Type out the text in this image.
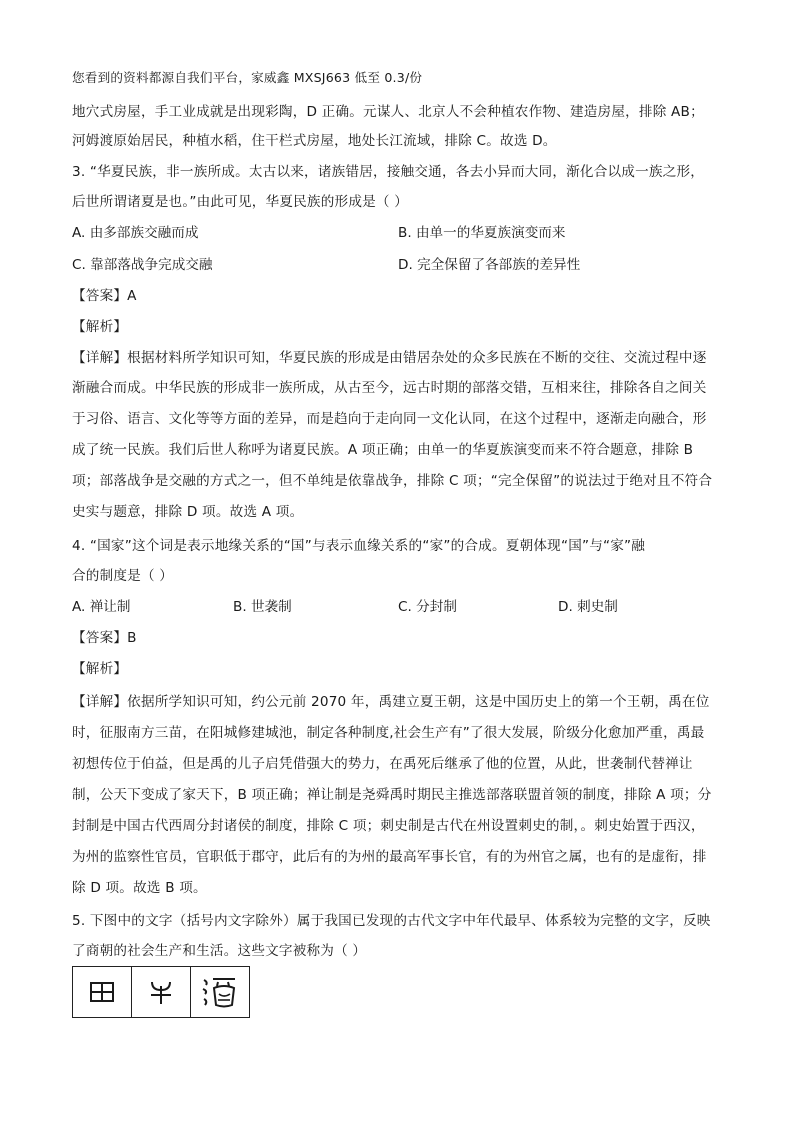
您看到的资料都源自我们平台，家威鑫 MXSJ663 低至 0.3/份
地穴式房屋，手工业成就是出现彩陶，D 正确。元谋人、北京人不会种植农作物、建造房屋，排除 AB；
河姆渡原始居民，种植水稻，住干栏式房屋，地处长江流域，排除 C。故选 D。
3. “华夏民族，非一族所成。太古以来，诸族错居，接触交通，各去小异而大同，渐化合以成一族之形，
后世所谓诸夏是也。”由此可见，华夏民族的形成是（ ）
A. 由多部族交融而成	B. 由单一的华夏族演变而来
C. 靠部落战争完成交融	D. 完全保留了各部族的差异性
【答案】A
【解析】
【详解】根据材料所学知识可知，华夏民族的形成是由错居杂处的众多民族在不断的交往、交流过程中逐
渐融合而成。中华民族的形成非一族所成，从古至今，远古时期的部落交错，互相来往，排除各自之间关
于习俗、语言、文化等等方面的差异，而是趋向于走向同一文化认同，在这个过程中，逐渐走向融合，形
成了统一民族。我们后世人称呼为诸夏民族。A 项正确；由单一的华夏族演变而来不符合题意，排除 B
项；部落战争是交融的方式之一，但不单纯是依靠战争，排除 C 项；“完全保留”的说法过于绝对且不符合
史实与题意，排除 D 项。故选 A 项。
4. “国家”这个词是表示地缘关系的“国”与表示血缘关系的“家”的合成。夏朝体现“国”与“家”融
合的制度是（ ）
A. 禅让制	B. 世袭制	C. 分封制	D. 刺史制
【答案】B
【解析】
【详解】依据所学知识可知，约公元前 2070 年，禹建立夏王朝，这是中国历史上的第一个王朝，禹在位
时，征服南方三苗，在阳城修建城池，制定各种制度,社会生产有”了很大发展，阶级分化愈加严重，禹最
初想传位于伯益，但是禹的儿子启凭借强大的势力，在禹死后继承了他的位置，从此，世袭制代替禅让
制，公天下变成了家天下，B 项正确；禅让制是尧舜禹时期民主推选部落联盟首领的制度，排除 A 项；分
封制是中国古代西周分封诸侯的制度，排除 C 项；刺史制是古代在州设置刺史的制，。刺史始置于西汉，
为州的监察性官员，官职低于郡守，此后有的为州的最高军事长官，有的为州官之属，也有的是虚衔，排
除 D 项。故选 B 项。
5. 下图中的文字（括号内文字除外）属于我国已发现的古代文字中年代最早、体系较为完整的文字，反映
了商朝的社会生产和生活。这些文字被称为（ ）
